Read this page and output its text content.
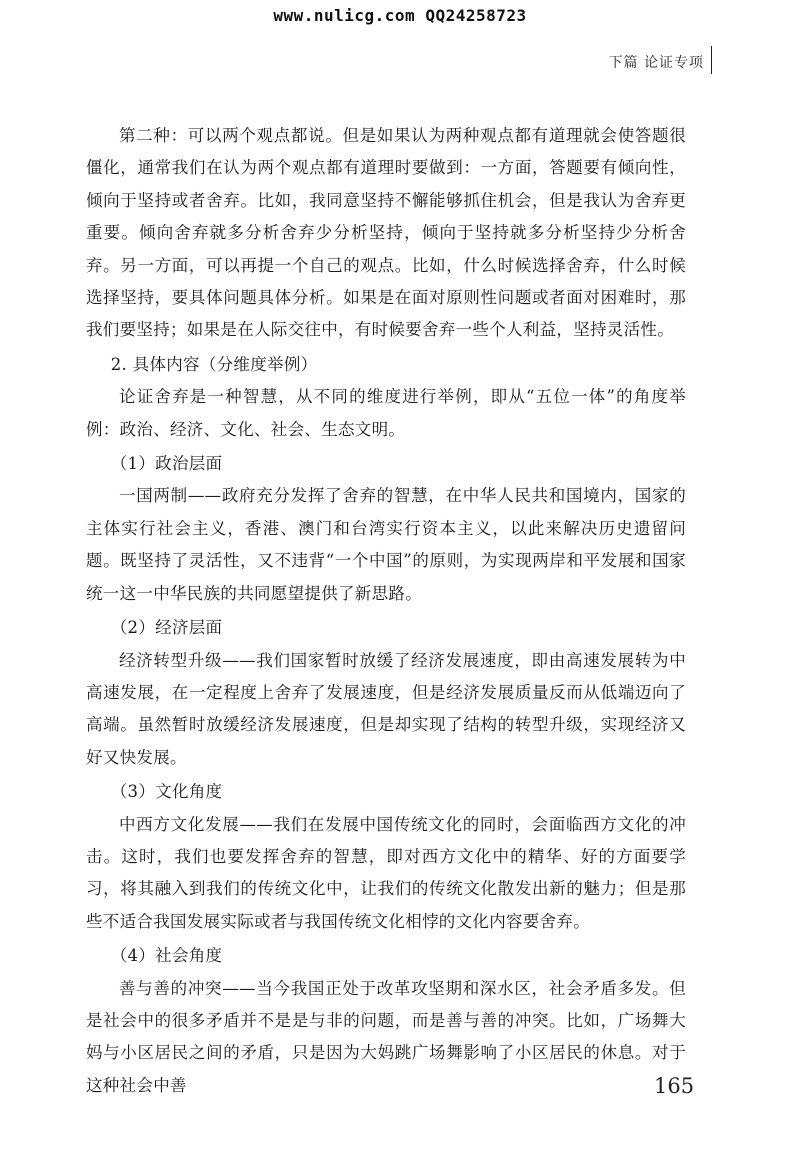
www.nulicg.com QQ24258723
下篇 论证专项

第二种：可以两个观点都说。但是如果认为两种观点都有道理就会使答题很僵化，通常我们在认为两个观点都有道理时要做到：一方面，答题要有倾向性，倾向于坚持或者舍弃。比如，我同意坚持不懈能够抓住机会，但是我认为舍弃更重要。倾向舍弃就多分析舍弃少分析坚持，倾向于坚持就多分析坚持少分析舍弃。另一方面，可以再提一个自己的观点。比如，什么时候选择舍弃，什么时候选择坚持，要具体问题具体分析。如果是在面对原则性问题或者面对困难时，那我们要坚持；如果是在人际交往中，有时候要舍弃一些个人利益，坚持灵活性。

2. 具体内容（分维度举例）

论证舍弃是一种智慧，从不同的维度进行举例，即从“五位一体”的角度举例：政治、经济、文化、社会、生态文明。

（1）政治层面

一国两制——政府充分发挥了舍弃的智慧，在中华人民共和国境内，国家的主体实行社会主义，香港、澳门和台湾实行资本主义，以此来解决历史遗留问题。既坚持了灵活性，又不违背“一个中国”的原则，为实现两岸和平发展和国家统一这一中华民族的共同愿望提供了新思路。

（2）经济层面

经济转型升级——我们国家暂时放缓了经济发展速度，即由高速发展转为中高速发展，在一定程度上舍弃了发展速度，但是经济发展质量反而从低端迈向了高端。虽然暂时放缓经济发展速度，但是却实现了结构的转型升级，实现经济又好又快发展。

（3）文化角度

中西方文化发展——我们在发展中国传统文化的同时，会面临西方文化的冲击。这时，我们也要发挥舍弃的智慧，即对西方文化中的精华、好的方面要学习，将其融入到我们的传统文化中，让我们的传统文化散发出新的魅力；但是那些不适合我国发展实际或者与我国传统文化相悖的文化内容要舍弃。

（4）社会角度

善与善的冲突——当今我国正处于改革攻坚期和深水区，社会矛盾多发。但是社会中的很多矛盾并不是是与非的问题，而是善与善的冲突。比如，广场舞大妈与小区居民之间的矛盾，只是因为大妈跳广场舞影响了小区居民的休息。对于这种社会中善	165
